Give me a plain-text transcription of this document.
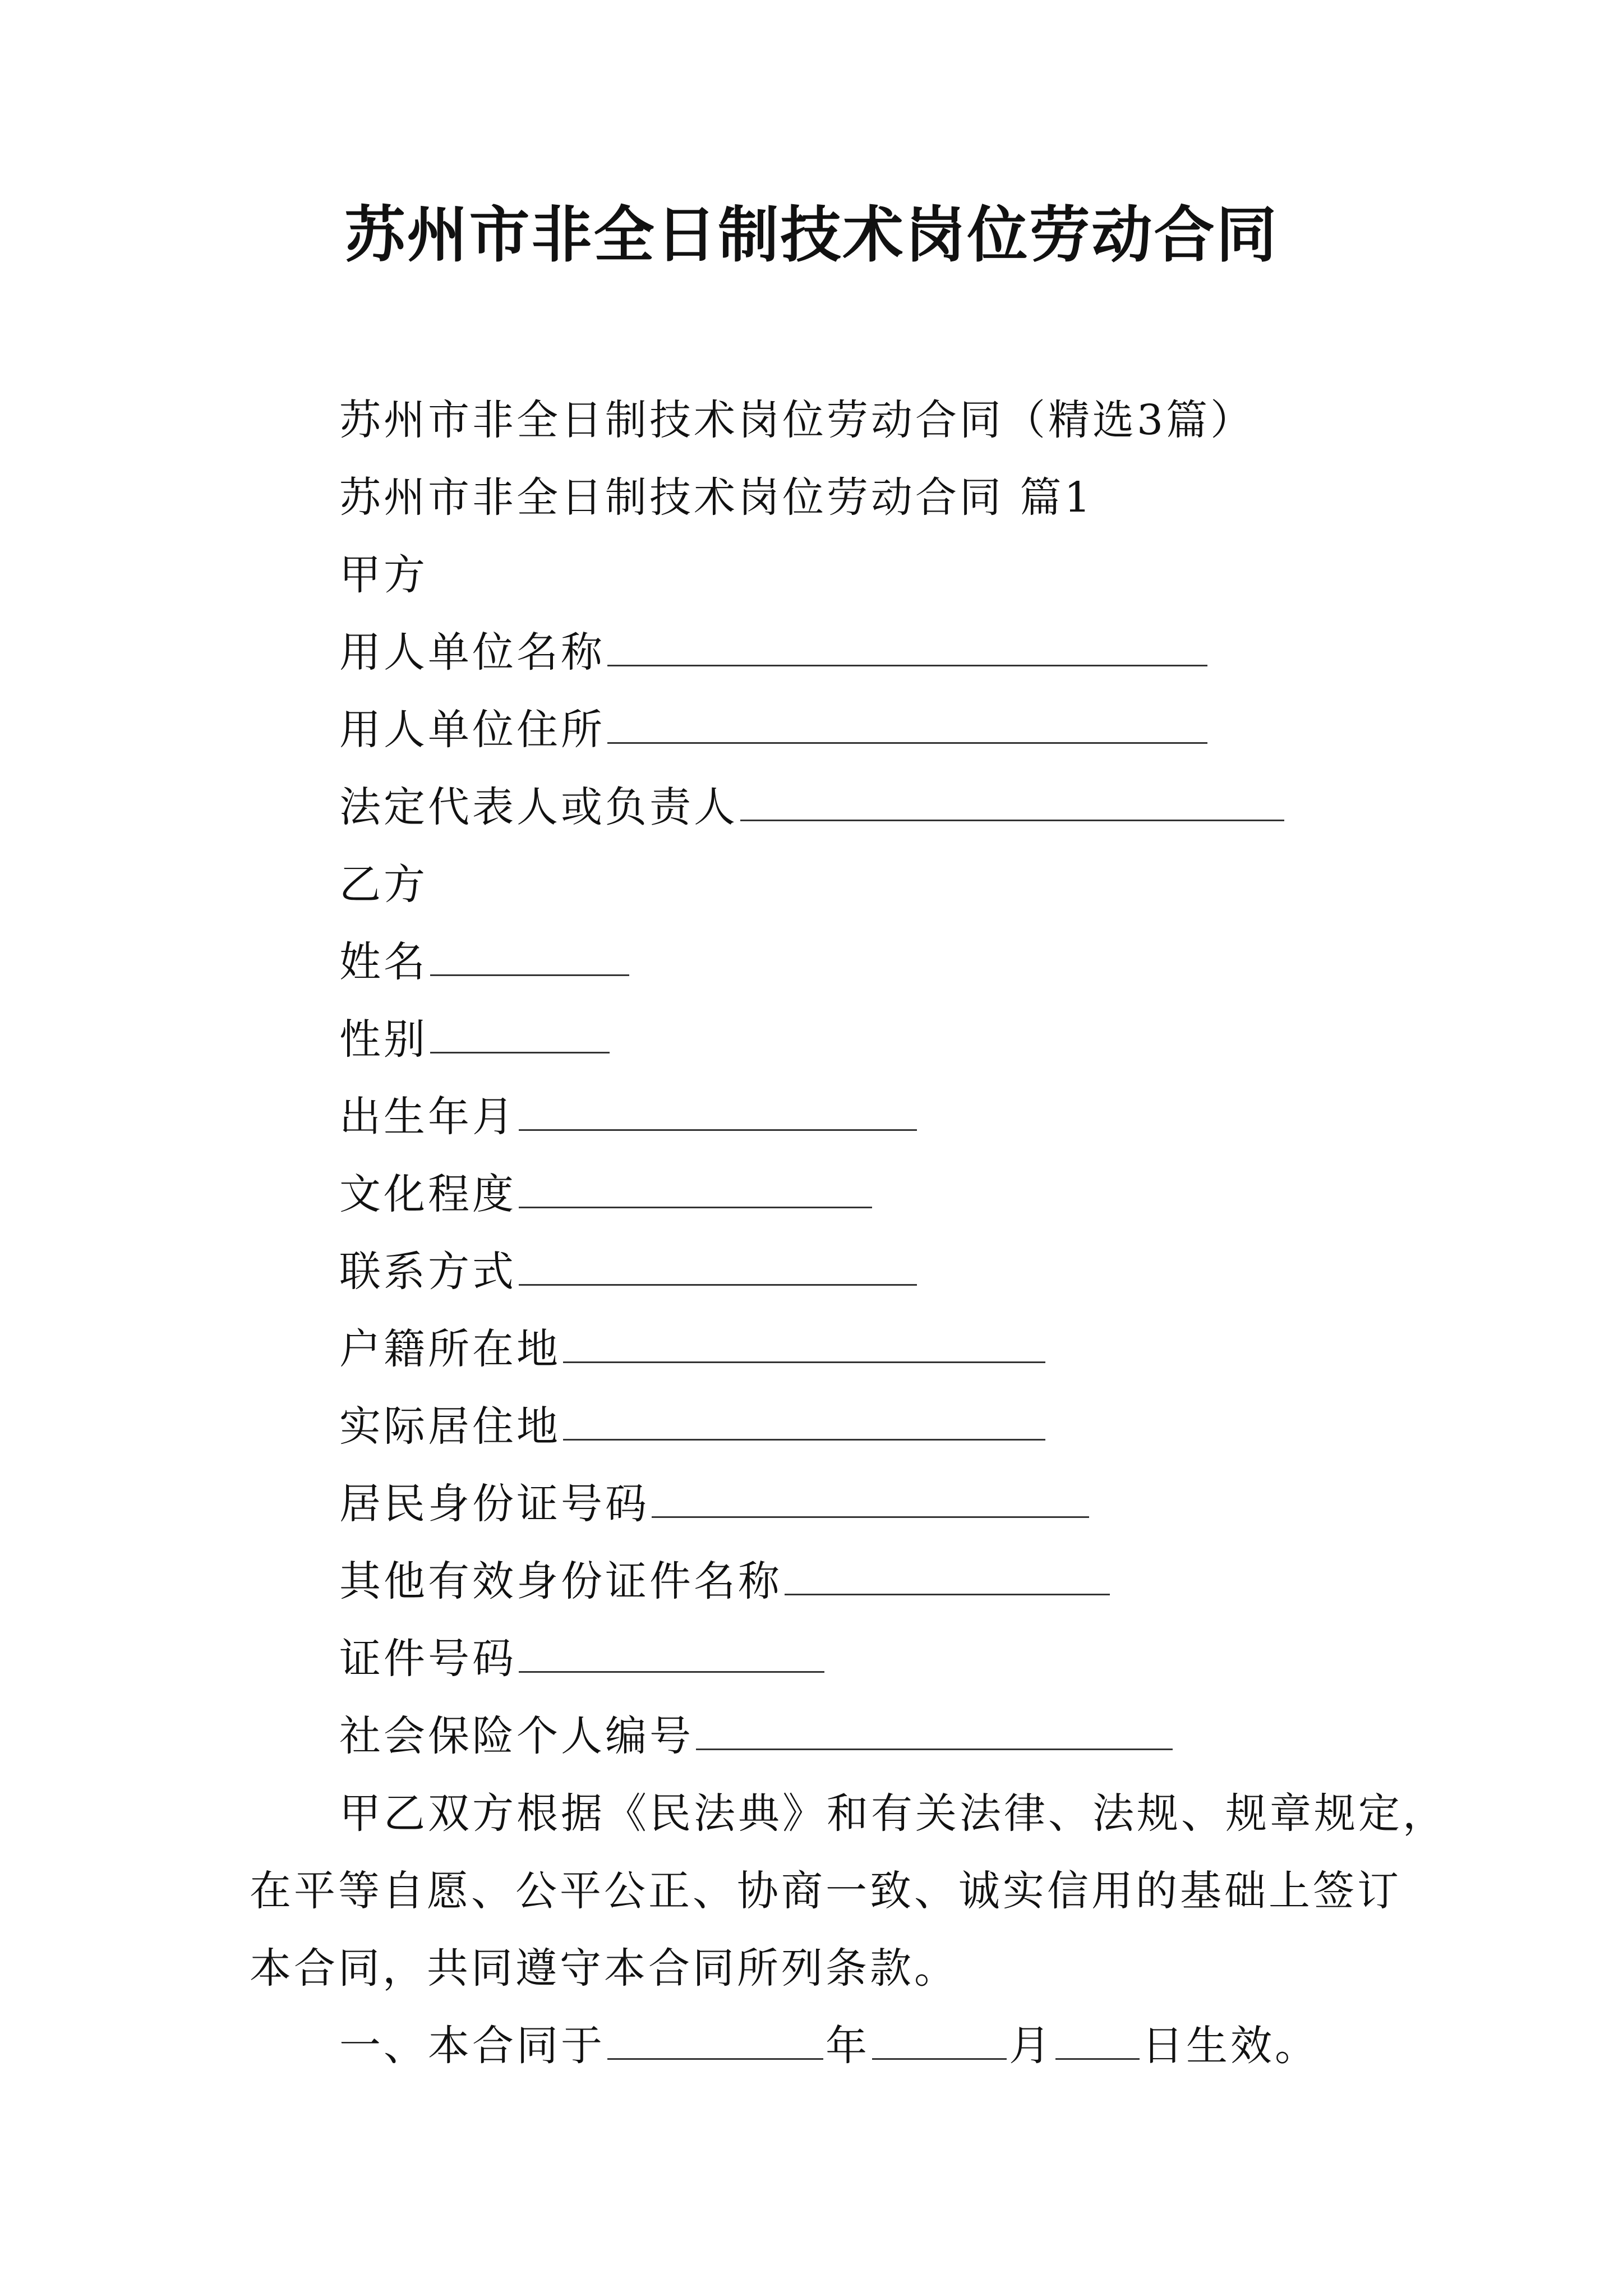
苏州市非全日制技术岗位劳动合同
苏州市非全日制技术岗位劳动合同（精选3篇）
苏州市非全日制技术岗位劳动合同 篇1
甲方
用人单位名称
用人单位住所
法定代表人或负责人
乙方
姓名
性别
出生年月
文化程度
联系方式
户籍所在地
实际居住地
居民身份证号码
其他有效身份证件名称
证件号码
社会保险个人编号
甲乙双方根据《民法典》和有关法律、法规、规章规定，
在平等自愿、公平公正、协商一致、诚实信用的基础上签订
本合同，共同遵守本合同所列条款。
一、本合同于	年	月 日生效。
